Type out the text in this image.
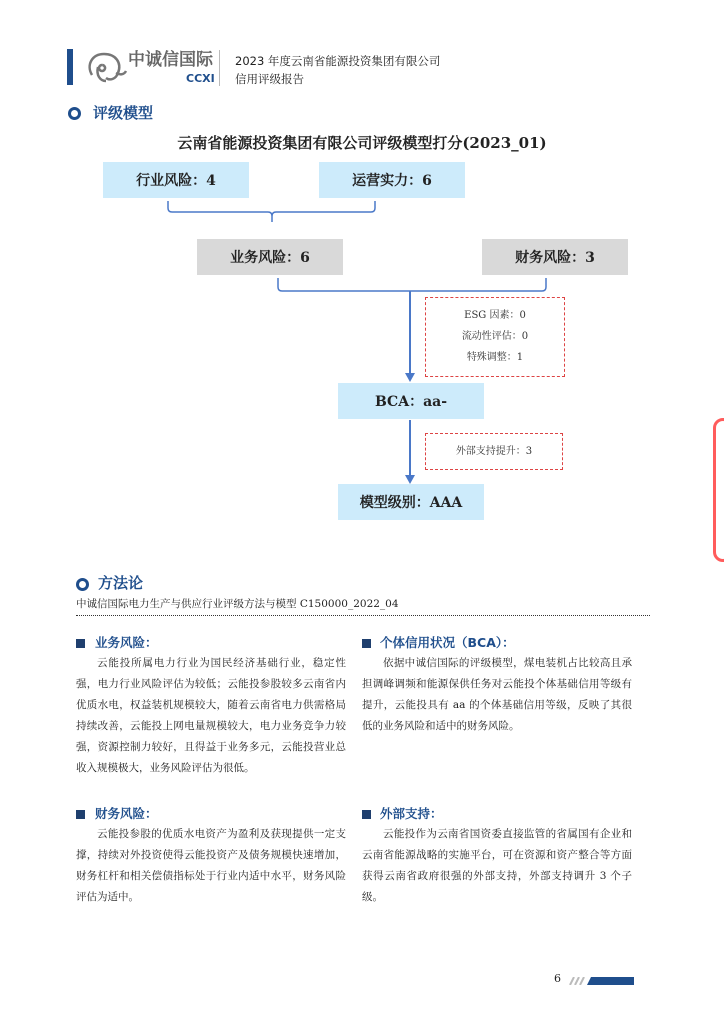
中诚信国际
CCXI
2023 年度云南省能源投资集团有限公司
信用评级报告
评级模型
云南省能源投资集团有限公司评级模型打分(2023_01)
行业风险：4	运营实力：6
业务风险：6	财务风险：3
ESG 因素：0
流动性评估：0
特殊调整：1
BCA：aa-
外部支持提升：3
模型级别：AAA
方法论
中诚信国际电力生产与供应行业评级方法与模型 C150000_2022_04
业务风险：
云能投所属电力行业为国民经济基础行业，稳定性强，电力行业风险评估为较低；云能投参股较多云南省内优质水电，权益装机规模较大，随着云南省电力供需格局持续改善，云能投上网电量规模较大，电力业务竞争力较强，资源控制力较好，且得益于业务多元，云能投营业总收入规模极大，业务风险评估为很低。
个体信用状况（BCA）：
依据中诚信国际的评级模型，煤电装机占比较高且承担调峰调频和能源保供任务对云能投个体基础信用等级有提升，云能投具有 aa 的个体基础信用等级，反映了其很低的业务风险和适中的财务风险。
财务风险：
云能投参股的优质水电资产为盈利及获现提供一定支撑，持续对外投资使得云能投资产及债务规模快速增加，财务杠杆和相关偿债指标处于行业内适中水平，财务风险评估为适中。
外部支持：
云能投作为云南省国资委直接监管的省属国有企业和云南省能源战略的实施平台，可在资源和资产整合等方面获得云南省政府很强的外部支持，外部支持调升 3 个子级。
6
